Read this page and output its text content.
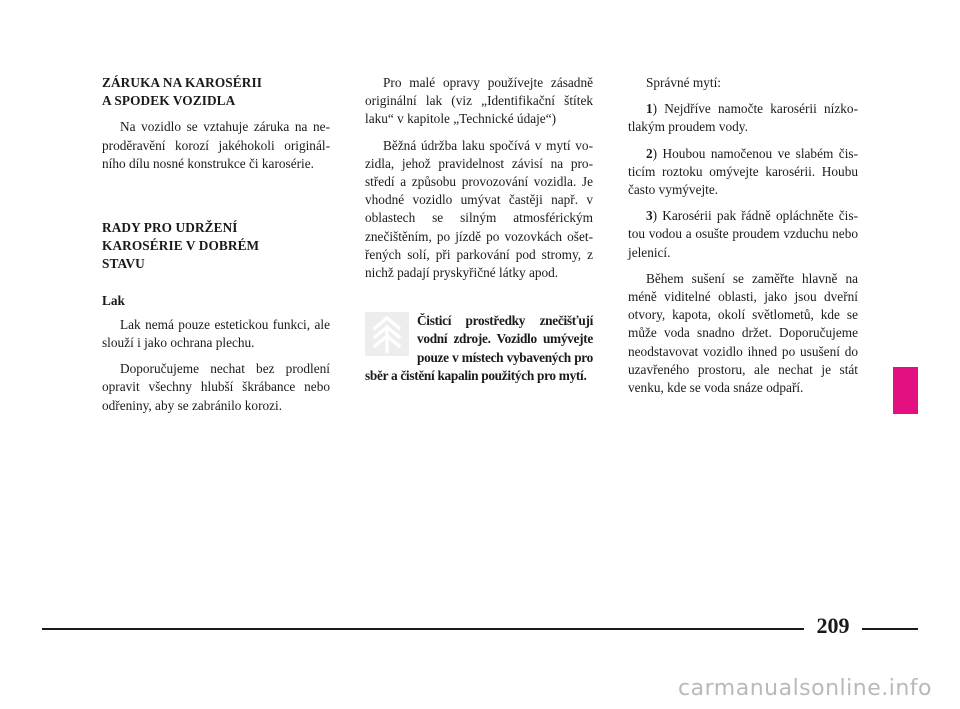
ZÁRUKA NA KAROSÉRII
A SPODEK VOZIDLA

Na vozidlo se vztahuje záruka na neproděravění korozí jakéhokoli originálního dílu nosné konstrukce či karosérie.

RADY PRO UDRŽENÍ
KAROSÉRIE V DOBRÉM
STAVU
Lak

Lak nemá pouze estetickou funkci, ale slouží i jako ochrana plechu.

Doporučujeme nechat bez prodlení opravit všechny hlubší škrábance nebo odřeniny, aby se zabránilo korozi.

Pro malé opravy používejte zásadně originální lak (viz „Identifikační štítek laku“ v kapitole „Technické údaje“)

Běžná údržba laku spočívá v mytí vozidla, jehož pravidelnost závisí na prostředí a způsobu provozování vozidla. Je vhodné vozidlo umývat častěji např. v oblastech se silným atmosférickým znečištěním, po jízdě po vozovkách ošetřených solí, při parkování pod stromy, z nichž padají pryskyřičné látky apod.

Čisticí prostředky znečišťují vodní zdroje. Vozidlo umývejte pouze v místech vybavených pro sběr a čistění kapalin použitých pro mytí.

Správné mytí:

1) Nejdříve namočte karosérii nízkotlakým proudem vody.

2) Houbou namočenou ve slabém čisticím roztoku omývejte karosérii. Houbu často vymývejte.

3) Karosérii pak řádně opláchněte čistou vodou a osušte proudem vzduchu nebo jelenicí.

Během sušení se zaměřte hlavně na méně viditelné oblasti, jako jsou dveřní otvory, kapota, okolí světlometů, kde se může voda snadno držet. Doporučujeme neodstavovat vozidlo ihned po usušení do uzavřeného prostoru, ale nechat je stát venku, kde se voda snáze odpaří.

209
carmanualsonline.info
